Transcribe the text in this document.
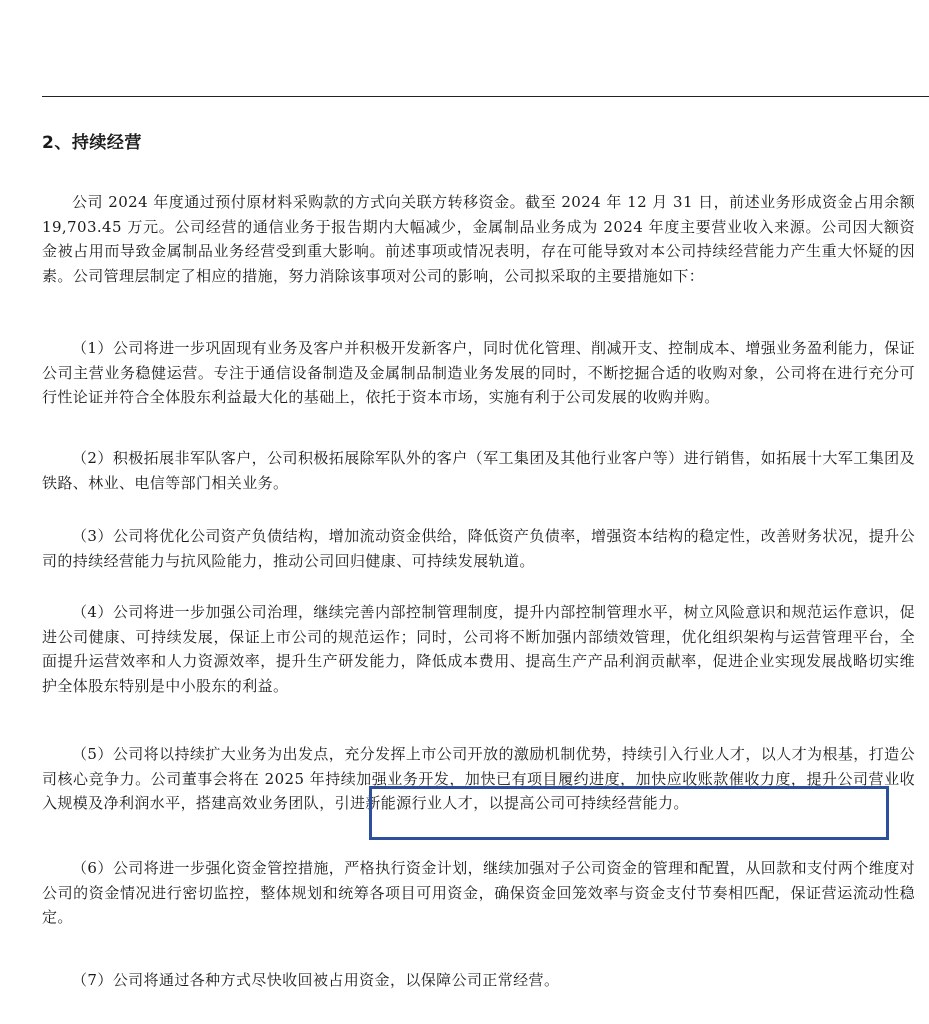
2、持续经营

公司 2024 年度通过预付原材料采购款的方式向关联方转移资金。截至 2024 年 12 月 31 日，前述业务形成资金占用余额 19,703.45 万元。公司经营的通信业务于报告期内大幅减少，金属制品业务成为 2024 年度主要营业收入来源。公司因大额资金被占用而导致金属制品业务经营受到重大影响。前述事项或情况表明，存在可能导致对本公司持续经营能力产生重大怀疑的因素。公司管理层制定了相应的措施，努力消除该事项对公司的影响，公司拟采取的主要措施如下：

（1）公司将进一步巩固现有业务及客户并积极开发新客户，同时优化管理、削减开支、控制成本、增强业务盈利能力，保证公司主营业务稳健运营。专注于通信设备制造及金属制品制造业务发展的同时，不断挖掘合适的收购对象，公司将在进行充分可行性论证并符合全体股东利益最大化的基础上，依托于资本市场，实施有利于公司发展的收购并购。

（2）积极拓展非军队客户，公司积极拓展除军队外的客户（军工集团及其他行业客户等）进行销售，如拓展十大军工集团及铁路、林业、电信等部门相关业务。

（3）公司将优化公司资产负债结构，增加流动资金供给，降低资产负债率，增强资本结构的稳定性，改善财务状况，提升公司的持续经营能力与抗风险能力，推动公司回归健康、可持续发展轨道。

（4）公司将进一步加强公司治理，继续完善内部控制管理制度，提升内部控制管理水平，树立风险意识和规范运作意识，促进公司健康、可持续发展，保证上市公司的规范运作；同时，公司将不断加强内部绩效管理，优化组织架构与运营管理平台，全面提升运营效率和人力资源效率，提升生产研发能力，降低成本费用、提高生产产品利润贡献率，促进企业实现发展战略切实维护全体股东特别是中小股东的利益。

（5）公司将以持续扩大业务为出发点，充分发挥上市公司开放的激励机制优势，持续引入行业人才，以人才为根基，打造公司核心竞争力。公司董事会将在 2025 年持续加强业务开发，加快已有项目履约进度，加快应收账款催收力度，提升公司营业收入规模及净利润水平，搭建高效业务团队，引进新能源行业人才，以提高公司可持续经营能力。

（6）公司将进一步强化资金管控措施，严格执行资金计划，继续加强对子公司资金的管理和配置，从回款和支付两个维度对公司的资金情况进行密切监控，整体规划和统筹各项目可用资金，确保资金回笼效率与资金支付节奏相匹配，保证营运流动性稳定。

（7）公司将通过各种方式尽快收回被占用资金，以保障公司正常经营。
